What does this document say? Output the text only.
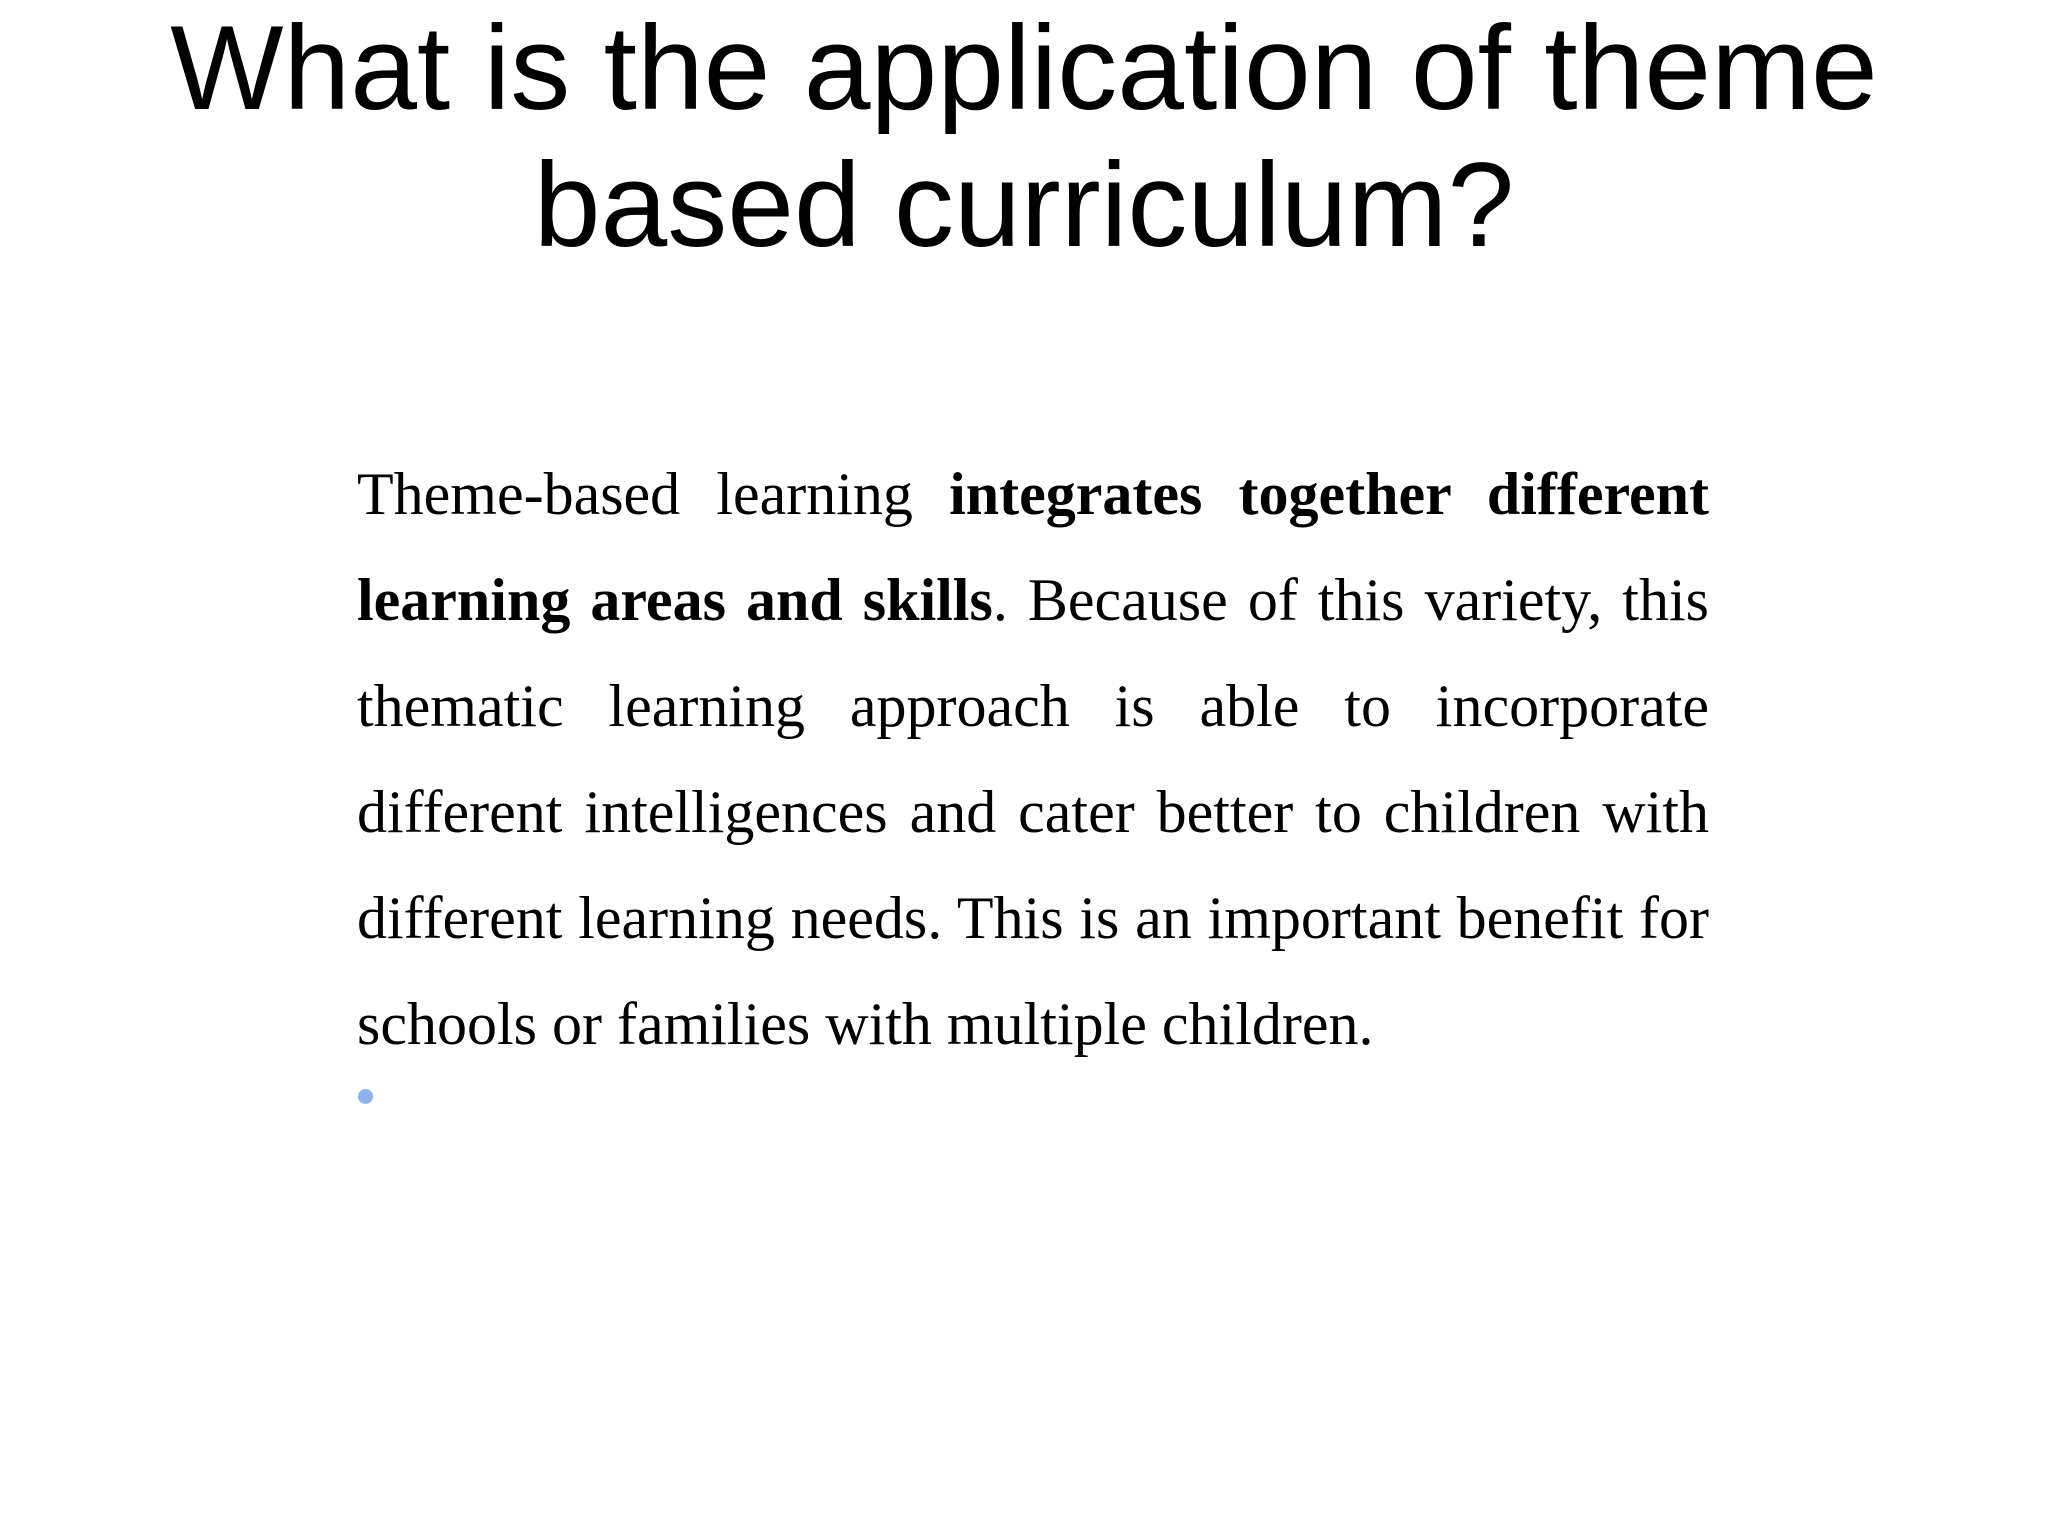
What is the application of theme
based curriculum?

Theme-based learning integrates together different learning areas and skills. Because of this variety, this thematic learning approach is able to incorporate different intelligences and cater better to children with different learning needs. This is an important benefit for schools or families with multiple children.
